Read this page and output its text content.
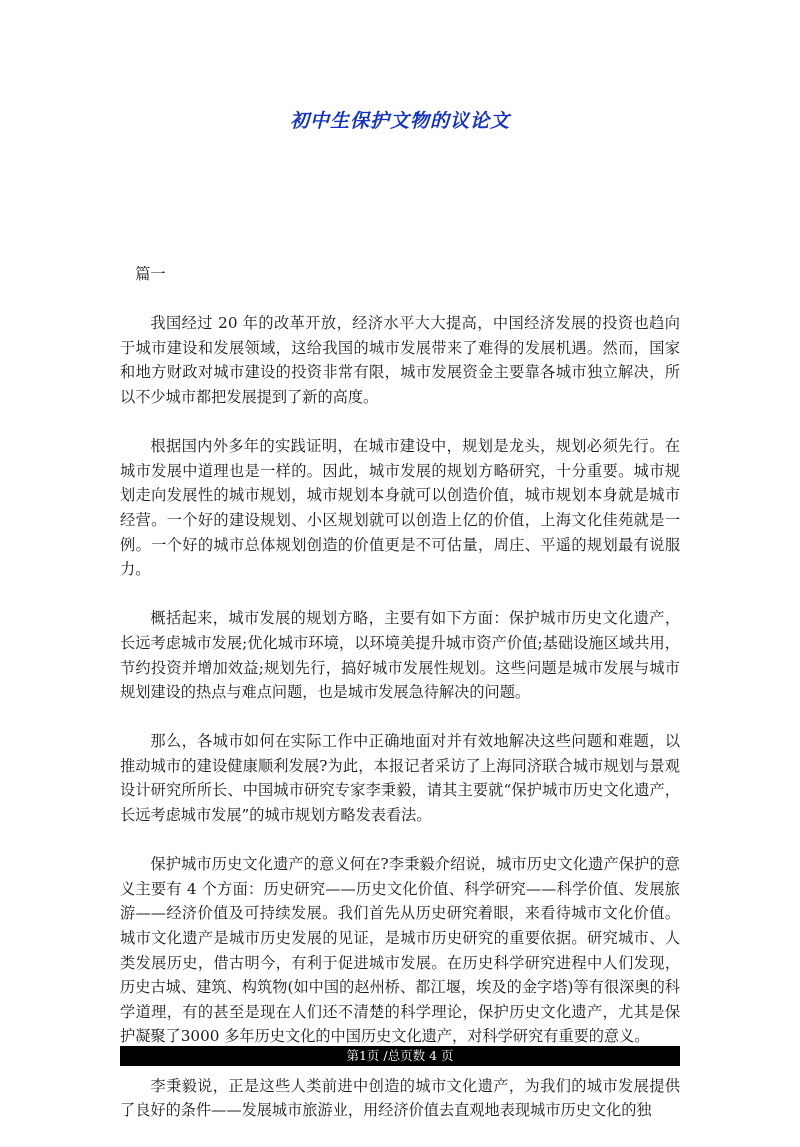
初中生保护文物的议论文

篇一

我国经过 20 年的改革开放，经济水平大大提高，中国经济发展的投资也趋向于城市建设和发展领域，这给我国的城市发展带来了难得的发展机遇。然而，国家和地方财政对城市建设的投资非常有限，城市发展资金主要靠各城市独立解决，所以不少城市都把发展提到了新的高度。

根据国内外多年的实践证明，在城市建设中，规划是龙头，规划必须先行。在城市发展中道理也是一样的。因此，城市发展的规划方略研究，十分重要。城市规划走向发展性的城市规划，城市规划本身就可以创造价值，城市规划本身就是城市经营。一个好的建设规划、小区规划就可以创造上亿的价值，上海文化佳苑就是一例。一个好的城市总体规划创造的价值更是不可估量，周庄、平遥的规划最有说服力。

概括起来，城市发展的规划方略，主要有如下方面：保护城市历史文化遗产，长远考虑城市发展;优化城市环境，以环境美提升城市资产价值;基础设施区域共用，节约投资并增加效益;规划先行，搞好城市发展性规划。这些问题是城市发展与城市规划建设的热点与难点问题，也是城市发展急待解决的问题。

那么，各城市如何在实际工作中正确地面对并有效地解决这些问题和难题，以推动城市的建设健康顺利发展?为此，本报记者采访了上海同济联合城市规划与景观设计研究所所长、中国城市研究专家李秉毅，请其主要就“保护城市历史文化遗产，长远考虑城市发展”的城市规划方略发表看法。

保护城市历史文化遗产的意义何在?李秉毅介绍说，城市历史文化遗产保护的意义主要有 4 个方面：历史研究——历史文化价值、科学研究——科学价值、发展旅游——经济价值及可持续发展。我们首先从历史研究着眼，来看待城市文化价值。城市文化遗产是城市历史发展的见证，是城市历史研究的重要依据。研究城市、人类发展历史，借古明今，有利于促进城市发展。在历史科学研究进程中人们发现，历史古城、建筑、构筑物(如中国的赵州桥、都江堰，埃及的金字塔)等有很深奥的科学道理，有的甚至是现在人们还不清楚的科学理论，保护历史文化遗产，尤其是保护凝聚了3000 多年历史文化的中国历史文化遗产，对科学研究有重要的意义。

李秉毅说，正是这些人类前进中创造的城市文化遗产，为我们的城市发展提供了良好的条件——发展城市旅游业，用经济价值去直观地表现城市历史文化的独

第1页 /总页数 4 页
